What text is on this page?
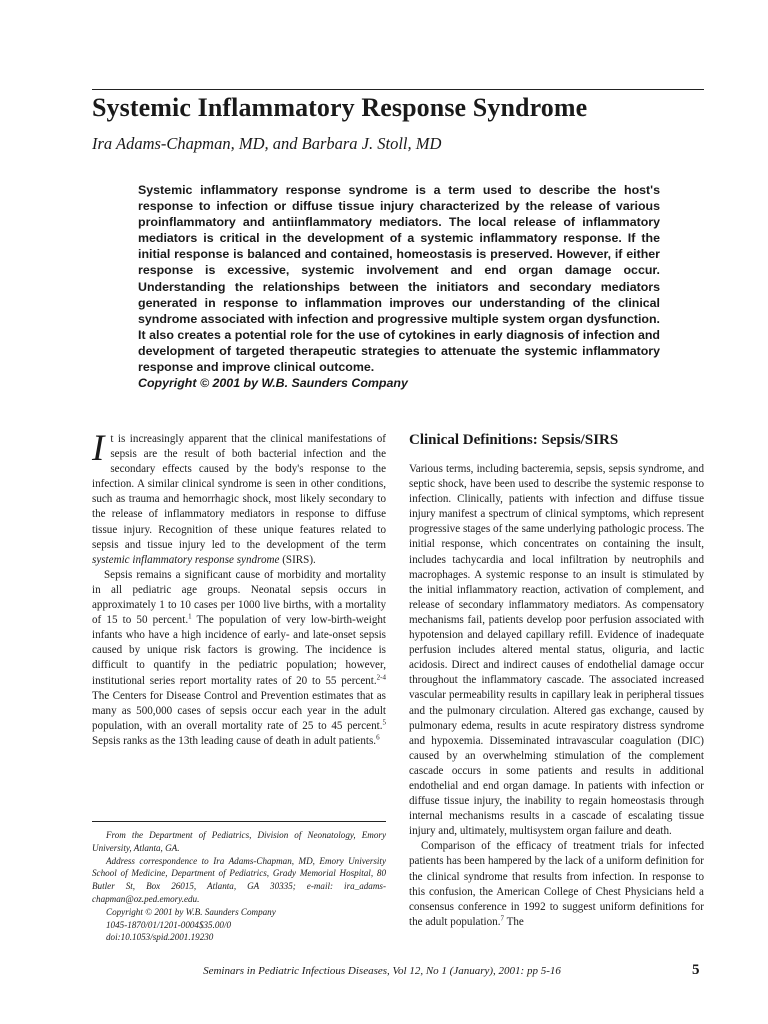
Systemic Inflammatory Response Syndrome

Ira Adams-Chapman, MD, and Barbara J. Stoll, MD

Systemic inflammatory response syndrome is a term used to describe the host's response to infection or diffuse tissue injury characterized by the release of various proinflammatory and antiinflammatory mediators. The local release of inflammatory mediators is critical in the development of a systemic inflammatory response. If the initial response is balanced and contained, homeostasis is preserved. However, if either response is excessive, systemic involvement and end organ damage occur. Understanding the relationships between the initiators and secondary mediators generated in response to inflammation improves our understanding of the clinical syndrome associated with infection and progressive multiple system organ dysfunction. It also creates a potential role for the use of cytokines in early diagnosis of infection and development of targeted therapeutic strategies to attenuate the systemic inflammatory response and improve clinical outcome.
Copyright © 2001 by W.B. Saunders Company

It is increasingly apparent that the clinical manifestations of sepsis are the result of both bacterial infection and the secondary effects caused by the body's response to the infection. A similar clinical syndrome is seen in other conditions, such as trauma and hemorrhagic shock, most likely secondary to the release of inflammatory mediators in response to diffuse tissue injury. Recognition of these unique features related to sepsis and tissue injury led to the development of the term systemic inflammatory response syndrome (SIRS).

Sepsis remains a significant cause of morbidity and mortality in all pediatric age groups. Neonatal sepsis occurs in approximately 1 to 10 cases per 1000 live births, with a mortality of 15 to 50 percent.$^1$ The population of very low-birth-weight infants who have a high incidence of early- and late-onset sepsis caused by unique risk factors is growing. The incidence is difficult to quantify in the pediatric population; however, institutional series report mortality rates of 20 to 55 percent.$^{2-4}$ The Centers for Disease Control and Prevention estimates that as many as 500,000 cases of sepsis occur each year in the adult population, with an overall mortality rate of 25 to 45 percent.$^5$ Sepsis ranks as the 13th leading cause of death in adult patients.$^6$

From the Department of Pediatrics, Division of Neonatology, Emory University, Atlanta, GA.

Address correspondence to Ira Adams-Chapman, MD, Emory University School of Medicine, Department of Pediatrics, Grady Memorial Hospital, 80 Butler St, Box 26015, Atlanta, GA 30335; e-mail: ira_adams-chapman@oz.ped.emory.edu.

Copyright © 2001 by W.B. Saunders Company

1045-1870/01/1201-0004$35.00/0

doi:10.1053/spid.2001.19230

Clinical Definitions: Sepsis/SIRS

Various terms, including bacteremia, sepsis, sepsis syndrome, and septic shock, have been used to describe the systemic response to infection. Clinically, patients with infection and diffuse tissue injury manifest a spectrum of clinical symptoms, which represent progressive stages of the same underlying pathologic process. The initial response, which concentrates on containing the insult, includes tachycardia and local infiltration by neutrophils and macrophages. A systemic response to an insult is stimulated by the initial inflammatory reaction, activation of complement, and release of secondary inflammatory mediators. As compensatory mechanisms fail, patients develop poor perfusion associated with hypotension and delayed capillary refill. Evidence of inadequate perfusion includes altered mental status, oliguria, and lactic acidosis. Direct and indirect causes of endothelial damage occur throughout the inflammatory cascade. The associated increased vascular permeability results in capillary leak in peripheral tissues and the pulmonary circulation. Altered gas exchange, caused by pulmonary edema, results in acute respiratory distress syndrome and hypoxemia. Disseminated intravascular coagulation (DIC) caused by an overwhelming stimulation of the complement cascade occurs in some patients and results in additional endothelial and end organ damage. In patients with infection or diffuse tissue injury, the inability to regain homeostasis through internal mechanisms results in a cascade of escalating tissue injury and, ultimately, multisystem organ failure and death.

Comparison of the efficacy of treatment trials for infected patients has been hampered by the lack of a uniform definition for the clinical syndrome that results from infection. In response to this confusion, the American College of Chest Physicians held a consensus conference in 1992 to suggest uniform definitions for the adult population.$^7$ The

Seminars in Pediatric Infectious Diseases, Vol 12, No 1 (January), 2001: pp 5-16	5
